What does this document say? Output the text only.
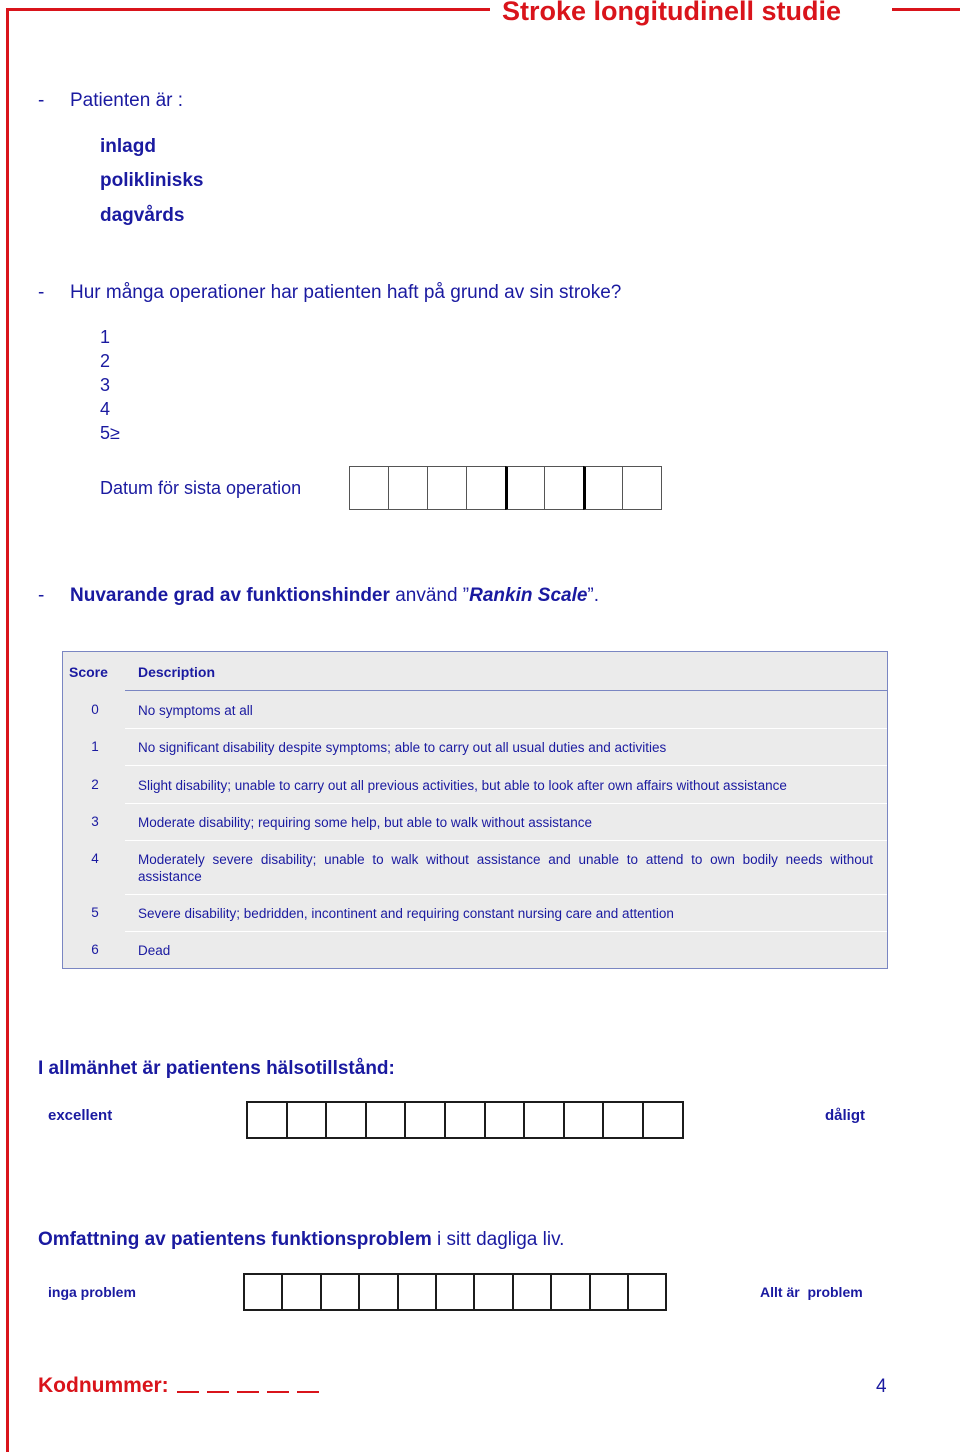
Stroke longitudinell studie
- Patienten är :
inlagd
poliklinisks
dagvårds
- Hur många operationer har patienten haft på grund av sin stroke?
1
2
3
4
5≥
Datum för sista operation
- Nuvarande grad av funktionshinder använd ”Rankin Scale”.
Score Description
0	No symptoms at all
1	No significant disability despite symptoms; able to carry out all usual duties and activities
2	Slight disability; unable to carry out all previous activities, but able to look after own affairs without assistance
3	Moderate disability; requiring some help, but able to walk without assistance
4	Moderately severe disability; unable to walk without assistance and unable to attend to own bodily needs without assistance
5	Severe disability; bedridden, incontinent and requiring constant nursing care and attention
6	Dead
I allmänhet är patientens hälsotillstånd:
excellent	dåligt
Omfattning av patientens funktionsproblem i sitt dagliga liv.
inga problem	Allt är  problem
Kodnummer:	4
